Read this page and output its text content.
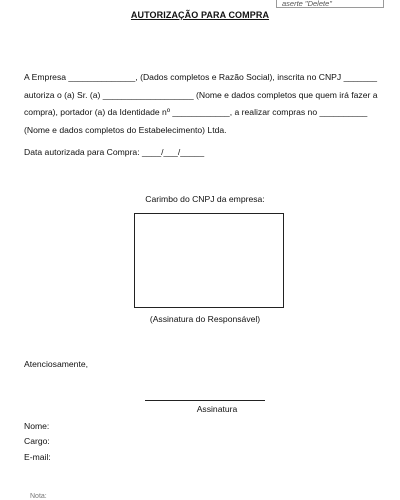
aserte "Delete"
AUTORIZAÇÃO PARA COMPRA

A Empresa ______________, (Dados completos e Razão Social), inscrita no CNPJ _______
autoriza o (a) Sr. (a) ___________________ (Nome e dados completos que quem irá fazer a
compra), portador (a) da Identidade nº ____________, a realizar compras no __________
(Nome e dados completos do Estabelecimento) Ltda.

Data autorizada para Compra: ____/___/_____

Carimbo do CNPJ da empresa:

(Assinatura do Responsável)

Atenciosamente,

Assinatura

Nome:

Cargo:

E-mail:

Nota:
